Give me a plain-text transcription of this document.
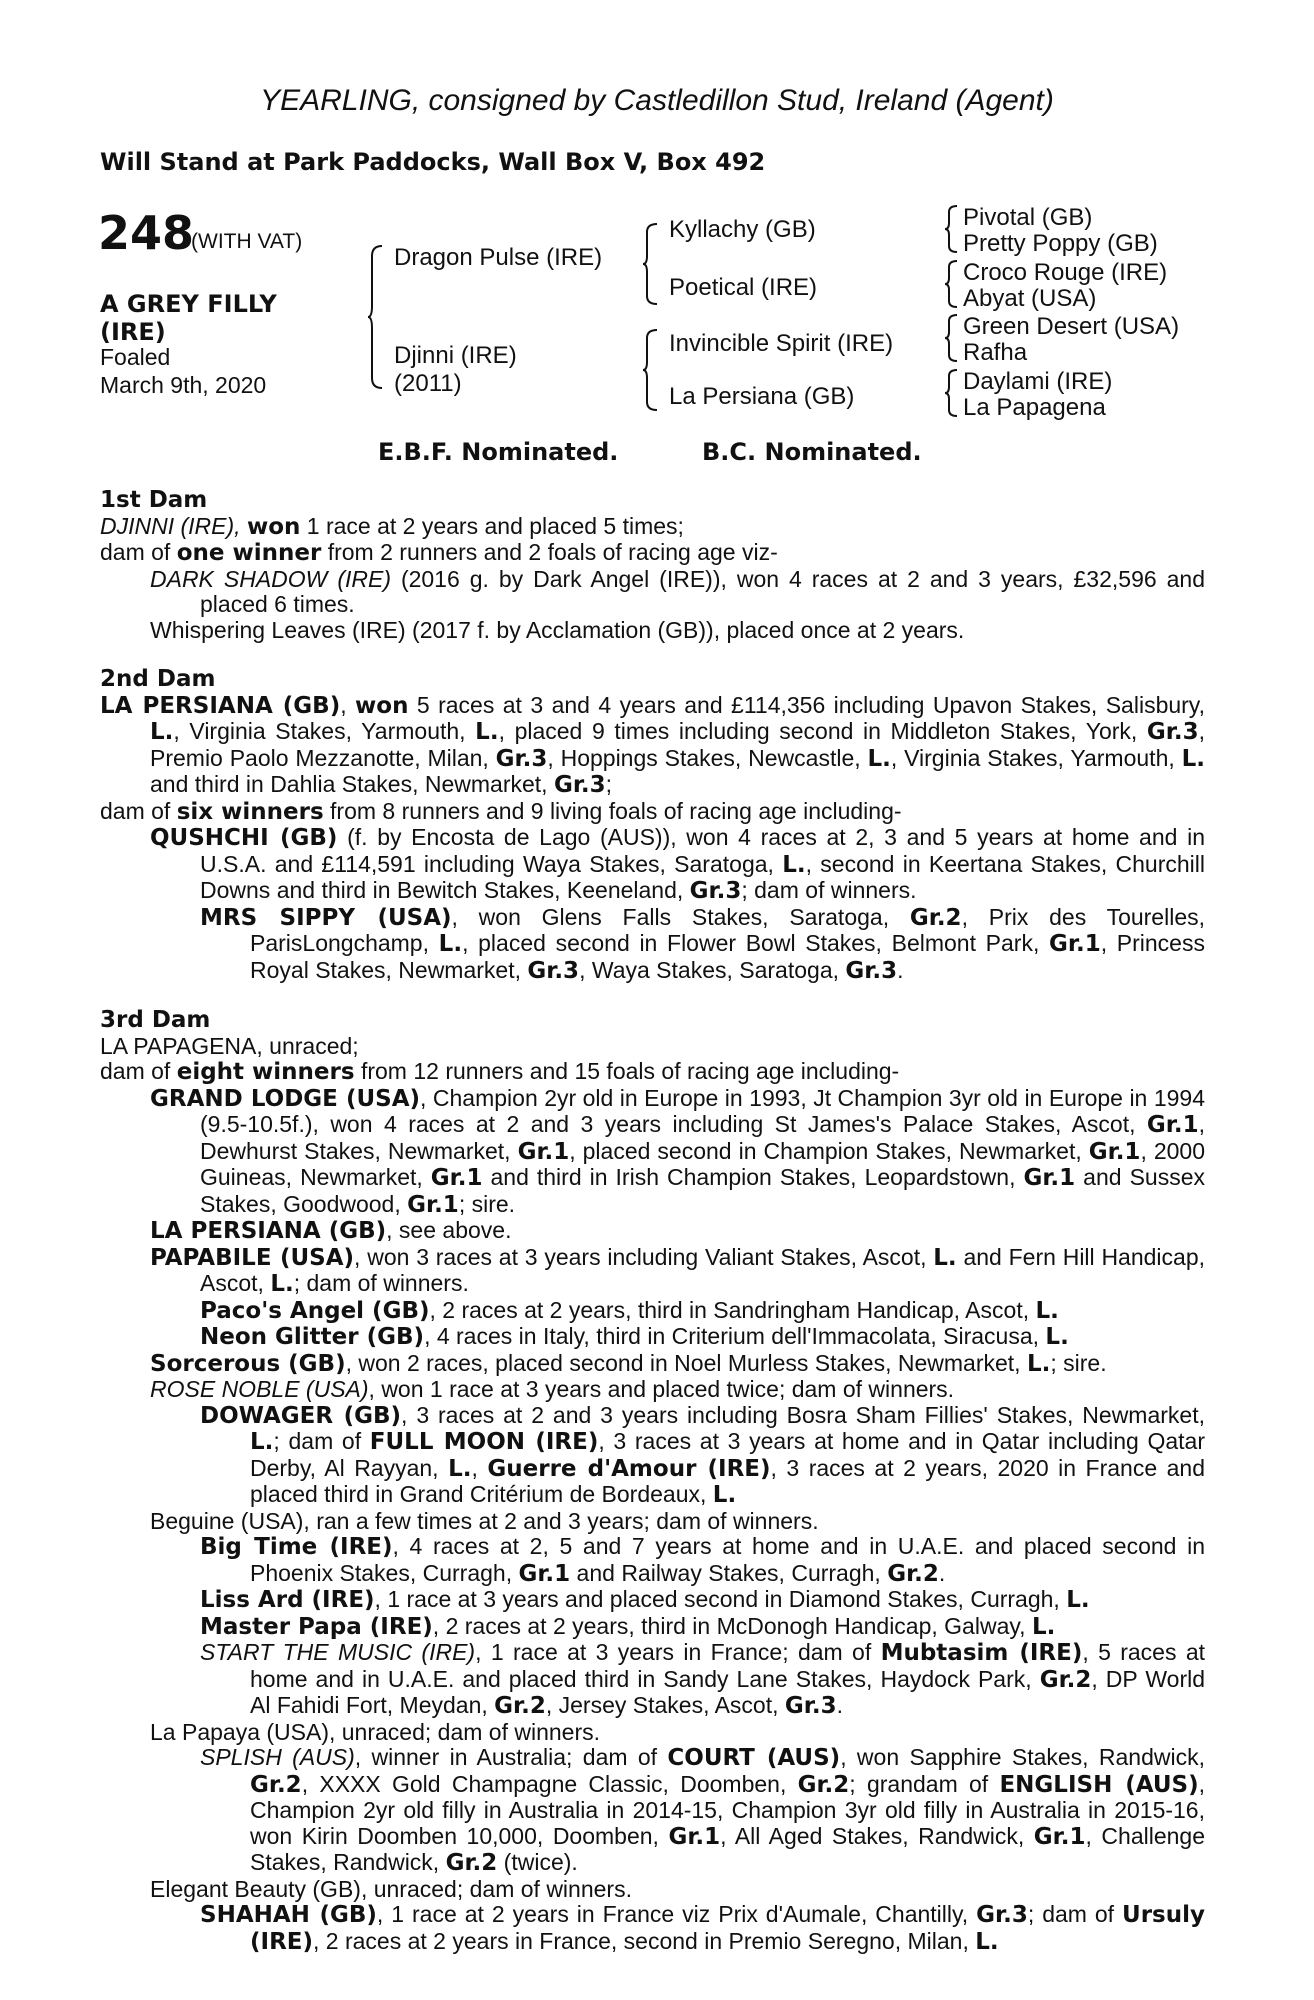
YEARLING, consigned by Castledillon Stud, Ireland (Agent)
Will Stand at Park Paddocks, Wall Box V, Box 492
248
(WITH VAT)
A GREY FILLY
(IRE)
Foaled
March 9th, 2020
Dragon Pulse (IRE)
Djinni (IRE)
(2011)
Kyllachy (GB)
Poetical (IRE)
Invincible Spirit (IRE)
La Persiana (GB)
Pivotal (GB)
Pretty Poppy (GB)
Croco Rouge (IRE)
Abyat (USA)
Green Desert (USA)
Rafha
Daylami (IRE)
La Papagena
E.B.F. Nominated.	B.C. Nominated.
1st Dam
DJINNI (IRE), won 1 race at 2 years and placed 5 times;
dam of one winner from 2 runners and 2 foals of racing age viz-
DARK SHADOW (IRE) (2016 g. by Dark Angel (IRE)), won 4 races at 2 and 3 years, £32,596 and placed 6 times.
Whispering Leaves (IRE) (2017 f. by Acclamation (GB)), placed once at 2 years.
2nd Dam
LA PERSIANA (GB), won 5 races at 3 and 4 years and £114,356 including Upavon Stakes, Salisbury, L., Virginia Stakes, Yarmouth, L., placed 9 times including second in Middleton Stakes, York, Gr.3, Premio Paolo Mezzanotte, Milan, Gr.3, Hoppings Stakes, Newcastle, L., Virginia Stakes, Yarmouth, L. and third in Dahlia Stakes, Newmarket, Gr.3;
dam of six winners from 8 runners and 9 living foals of racing age including-
QUSHCHI (GB) (f. by Encosta de Lago (AUS)), won 4 races at 2, 3 and 5 years at home and in U.S.A. and £114,591 including Waya Stakes, Saratoga, L., second in Keertana Stakes, Churchill Downs and third in Bewitch Stakes, Keeneland, Gr.3; dam of winners.
MRS SIPPY (USA), won Glens Falls Stakes, Saratoga, Gr.2, Prix des Tourelles, ParisLongchamp, L., placed second in Flower Bowl Stakes, Belmont Park, Gr.1, Princess Royal Stakes, Newmarket, Gr.3, Waya Stakes, Saratoga, Gr.3.
3rd Dam
LA PAPAGENA, unraced;
dam of eight winners from 12 runners and 15 foals of racing age including-
GRAND LODGE (USA), Champion 2yr old in Europe in 1993, Jt Champion 3yr old in Europe in 1994 (9.5-10.5f.), won 4 races at 2 and 3 years including St James's Palace Stakes, Ascot, Gr.1, Dewhurst Stakes, Newmarket, Gr.1, placed second in Champion Stakes, Newmarket, Gr.1, 2000 Guineas, Newmarket, Gr.1 and third in Irish Champion Stakes, Leopardstown, Gr.1 and Sussex Stakes, Goodwood, Gr.1; sire.
LA PERSIANA (GB), see above.
PAPABILE (USA), won 3 races at 3 years including Valiant Stakes, Ascot, L. and Fern Hill Handicap, Ascot, L.; dam of winners.
Paco's Angel (GB), 2 races at 2 years, third in Sandringham Handicap, Ascot, L.
Neon Glitter (GB), 4 races in Italy, third in Criterium dell'Immacolata, Siracusa, L.
Sorcerous (GB), won 2 races, placed second in Noel Murless Stakes, Newmarket, L.; sire.
ROSE NOBLE (USA), won 1 race at 3 years and placed twice; dam of winners.
DOWAGER (GB), 3 races at 2 and 3 years including Bosra Sham Fillies' Stakes, Newmarket, L.; dam of FULL MOON (IRE), 3 races at 3 years at home and in Qatar including Qatar Derby, Al Rayyan, L., Guerre d'Amour (IRE), 3 races at 2 years, 2020 in France and placed third in Grand Critérium de Bordeaux, L.
Beguine (USA), ran a few times at 2 and 3 years; dam of winners.
Big Time (IRE), 4 races at 2, 5 and 7 years at home and in U.A.E. and placed second in Phoenix Stakes, Curragh, Gr.1 and Railway Stakes, Curragh, Gr.2.
Liss Ard (IRE), 1 race at 3 years and placed second in Diamond Stakes, Curragh, L.
Master Papa (IRE), 2 races at 2 years, third in McDonogh Handicap, Galway, L.
START THE MUSIC (IRE), 1 race at 3 years in France; dam of Mubtasim (IRE), 5 races at home and in U.A.E. and placed third in Sandy Lane Stakes, Haydock Park, Gr.2, DP World Al Fahidi Fort, Meydan, Gr.2, Jersey Stakes, Ascot, Gr.3.
La Papaya (USA), unraced; dam of winners.
SPLISH (AUS), winner in Australia; dam of COURT (AUS), won Sapphire Stakes, Randwick, Gr.2, XXXX Gold Champagne Classic, Doomben, Gr.2; grandam of ENGLISH (AUS), Champion 2yr old filly in Australia in 2014-15, Champion 3yr old filly in Australia in 2015-16, won Kirin Doomben 10,000, Doomben, Gr.1, All Aged Stakes, Randwick, Gr.1, Challenge Stakes, Randwick, Gr.2 (twice).
Elegant Beauty (GB), unraced; dam of winners.
SHAHAH (GB), 1 race at 2 years in France viz Prix d'Aumale, Chantilly, Gr.3; dam of Ursuly (IRE), 2 races at 2 years in France, second in Premio Seregno, Milan, L.
